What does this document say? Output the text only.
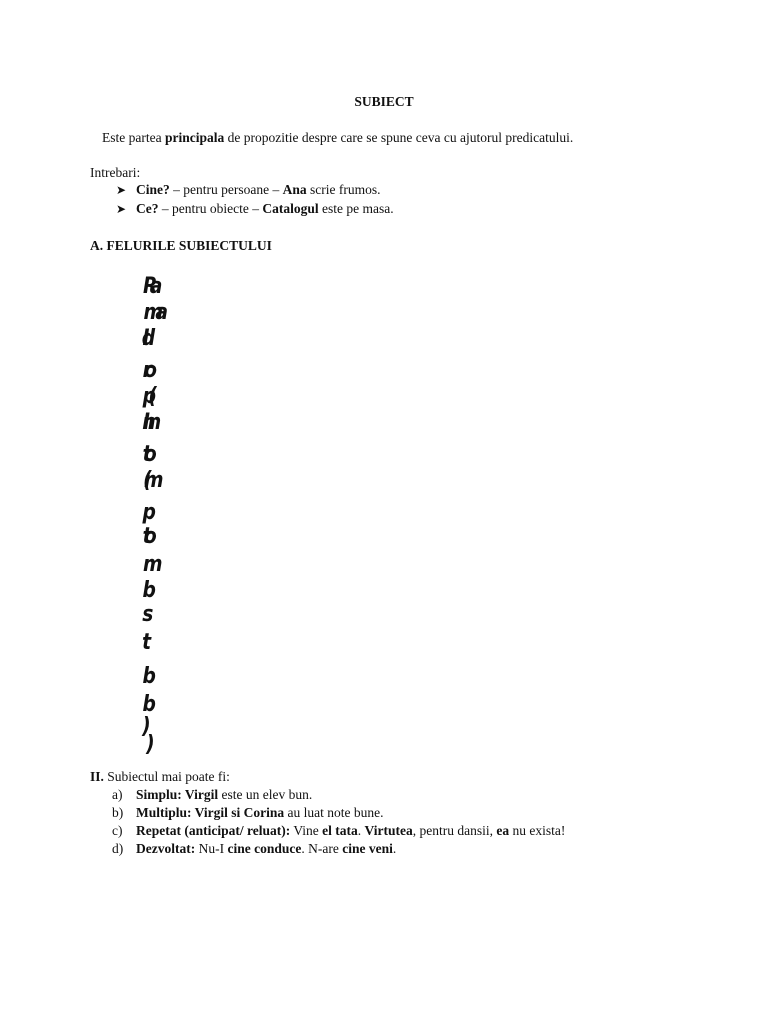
SUBIECT
Este partea principala de propozitie despre care se spune ceva cu ajutorul predicatului.
Intrebari:
➤ Cine? – pentru persoane – Ana scrie frumos.
➤ Ce? – pentru obiecte – Catalogul este pe masa.
A. FELURILE SUBIECTULUI
Ra
ma
Id
ro
p(
Inn
to
(m
p
to
m
b
s
t
b
b
)
)
II. Subiectul mai poate fi:
a) Simplu: Virgil este un elev bun.
b) Multiplu: Virgil si Corina au luat note bune.
c) Repetat (anticipat/ reluat): Vine el tata. Virtutea, pentru dansii, ea nu exista!
d) Dezvoltat: Nu-I cine conduce. N-are cine veni.
